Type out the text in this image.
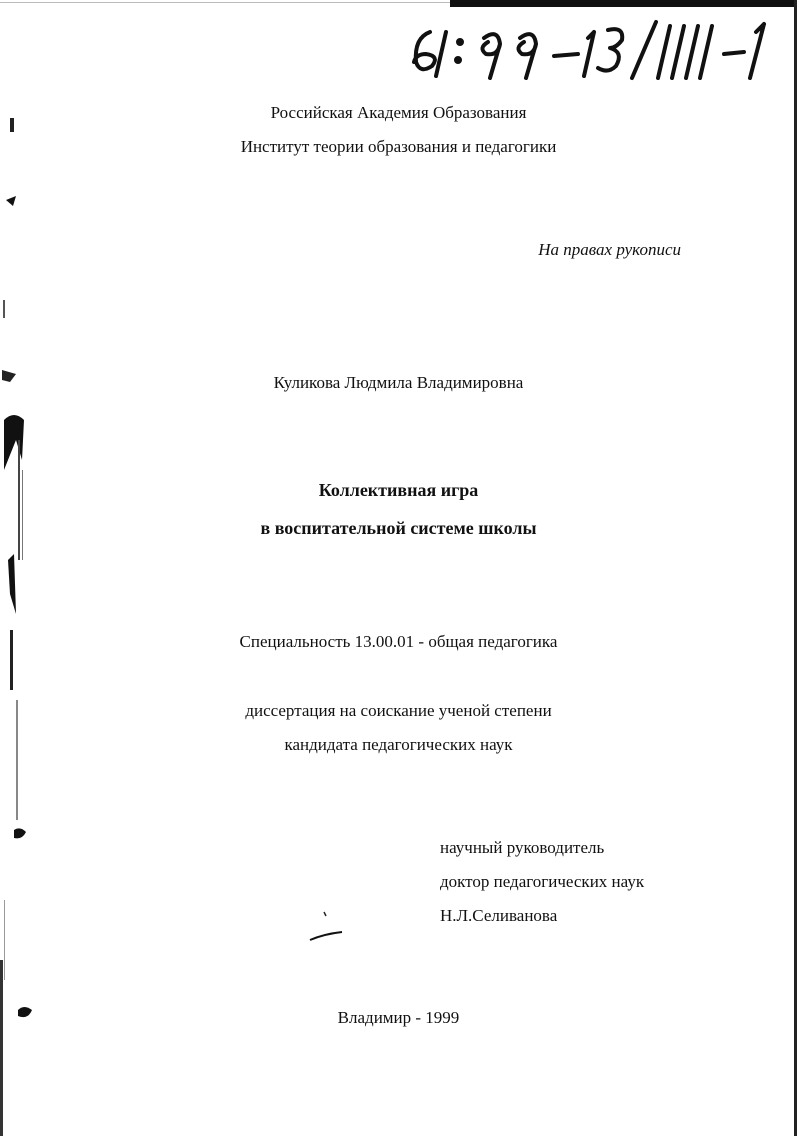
Российская Академия Образования
Институт теории образования и педагогики
На правах рукописи
Куликова Людмила Владимировна
Коллективная игра
в воспитательной системе школы
Специальность 13.00.01 - общая педагогика
диссертация на соискание ученой степени
кандидата педагогических наук
научный руководитель
доктор педагогических наук
Н.Л.Селиванова
Владимир - 1999
